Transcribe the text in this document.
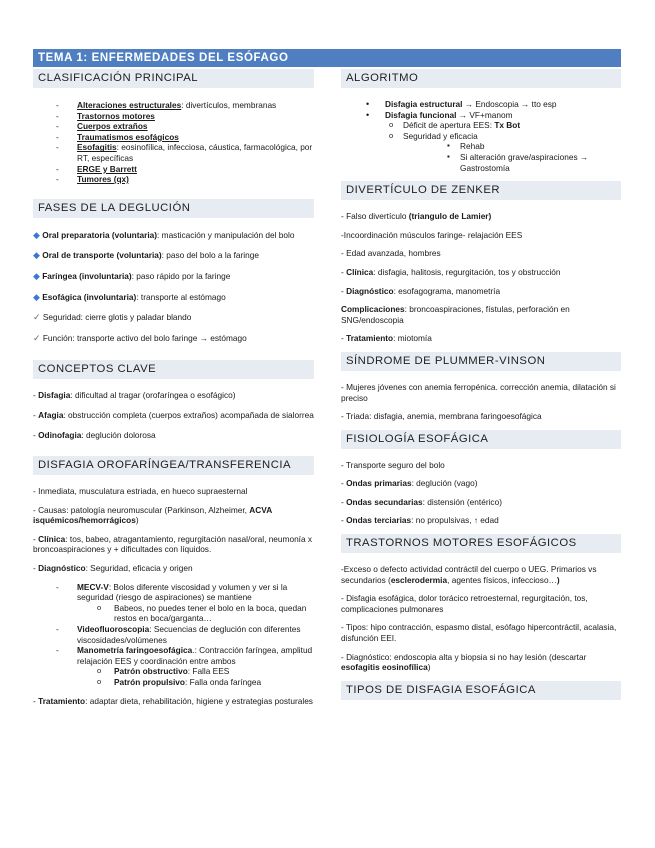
TEMA 1: ENFERMEDADES DEL ESÓFAGO
CLASIFICACIÓN PRINCIPAL
- Alteraciones estructurales: divertículos, membranas
- Trastornos motores
- Cuerpos extraños
- Traumatismos esofágicos
- Esofagitis: eosinofílica, infecciosa, cáustica, farmacológica, por RT, específicas
- ERGE y Barrett
- Tumores (qx)
FASES DE LA DEGLUCIÓN

◆ Oral preparatoria (voluntaria): masticación y manipulación del bolo

◆ Oral de transporte (voluntaria): paso del bolo a la faringe

◆ Faríngea (involuntaria): paso rápido por la faringe

◆ Esofágica (involuntaria): transporte al estómago

✓ Seguridad: cierre glotis y paladar blando

✓ Función: transporte activo del bolo faringe → estómago

CONCEPTOS CLAVE

- Disfagia: dificultad al tragar (orofaríngea o esofágico)

- Afagia: obstrucción completa (cuerpos extraños) acompañada de sialorrea

- Odinofagia: deglución dolorosa

DISFAGIA OROFARÍNGEA/TRANSFERENCIA

- Inmediata, musculatura estriada, en hueco supraesternal

- Causas: patología neuromuscular (Parkinson, Alzheimer, ACVA isquémicos/hemorrágicos)

- Clínica: tos, babeo, atragantamiento, regurgitación nasal/oral, neumonía x broncoaspiraciones y + dificultades con líquidos.

- Diagnóstico: Seguridad, eficacia y origen

- MECV-V: Bolos diferente viscosidad y volumen y ver si la seguridad (riesgo de aspiraciones) se mantiene
o Babeos, no puedes tener el bolo en la boca, quedan restos en boca/garganta…
- Videofluoroscopia: Secuencias de deglución con diferentes viscosidades/volúmenes
- Manometría faringoesofágica.: Contracción faríngea, amplitud relajación EES y coordinación entre ambos
o Patrón obstructivo: Falla EES
o Patrón propulsivo: Falla onda faríngea

- Tratamiento: adaptar dieta, rehabilitación, higiene y estrategias posturales

ALGORITMO
• Disfagia estructural → Endoscopia → tto esp
• Disfagia funcional → VF+manom
o Déficit de apertura EES: Tx Bot
o Seguridad y eficacia
▪ Rehab
▪ Si alteración grave/aspiraciones → Gastrostomía
DIVERTÍCULO DE ZENKER

- Falso divertículo (triangulo de Lamier)

-Incoordinación músculos faringe- relajación EES

- Edad avanzada, hombres

- Clínica: disfagia, halitosis, regurgitación, tos y obstrucción

- Diagnóstico: esofagograma, manometría

Complicaciones: broncoaspiraciones, fístulas, perforación en SNG/endoscopia

- Tratamiento: miotomía

SÍNDROME DE PLUMMER-VINSON

- Mujeres jóvenes con anemia ferropénica. corrección anemia, dilatación si preciso

- Triada: disfagia, anemia, membrana faringoesofágica

FISIOLOGÍA ESOFÁGICA

- Transporte seguro del bolo

- Ondas primarias: deglución (vago)

- Ondas secundarias: distensión (entérico)

- Ondas terciarias: no propulsivas, ↑ edad

TRASTORNOS MOTORES ESOFÁGICOS

-Exceso o defecto actividad contráctil del cuerpo o UEG. Primarios vs secundarios (esclerodermia, agentes físicos, infeccioso…)

- Disfagia esofágica, dolor torácico retroesternal, regurgitación, tos, complicaciones pulmonares

- Tipos: hipo contracción, espasmo distal, esófago hipercontráctil, acalasia, disfunción EEI.

- Diagnóstico: endoscopia alta y biopsia si no hay lesión (descartar esofagitis eosinofílica)

TIPOS DE DISFAGIA ESOFÁGICA
